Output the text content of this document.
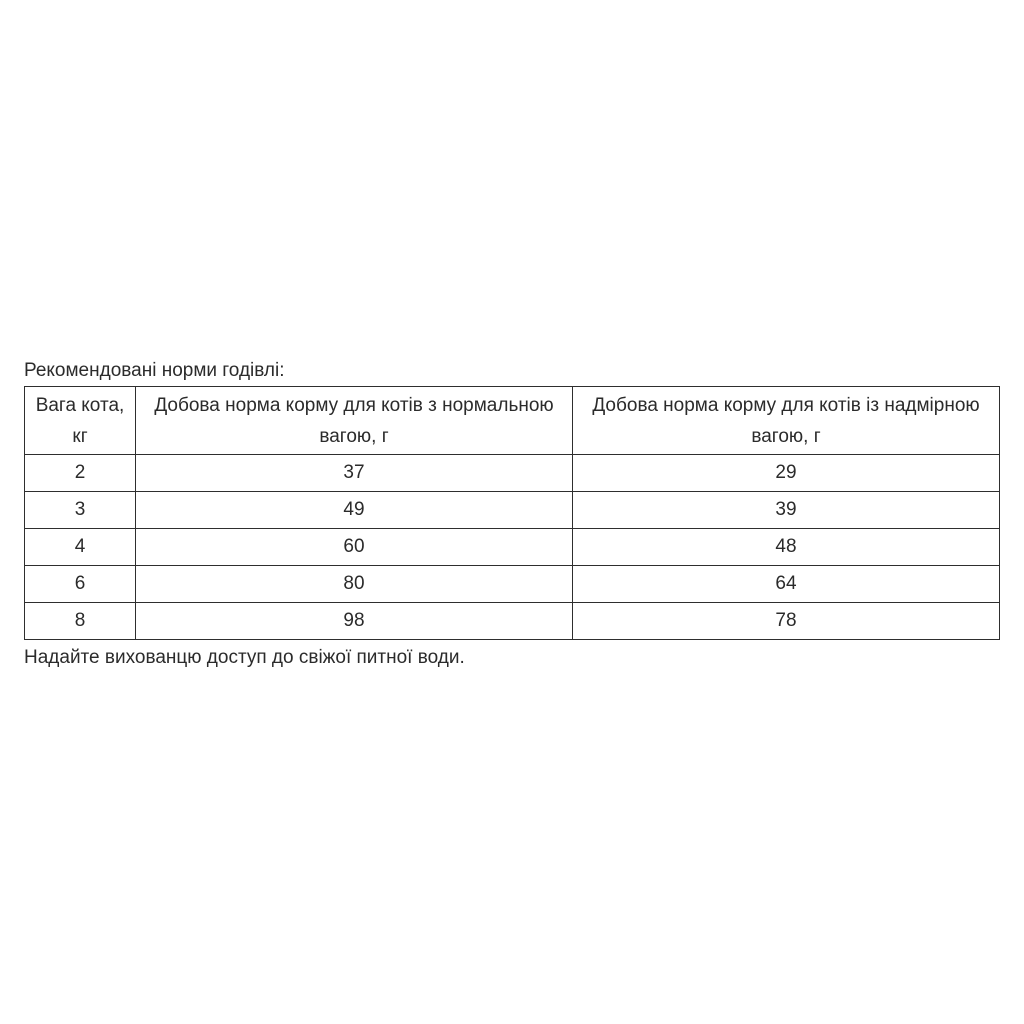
Рекомендовані норми годівлі:

Вага кота, кг	Добова норма корму для котів з нормальною вагою, г	Добова норма корму для котів із надмірною вагою, г
2	37	29
3	49	39
4	60	48
6	80	64
8	98	78

Надайте вихованцю доступ до свіжої питної води.
